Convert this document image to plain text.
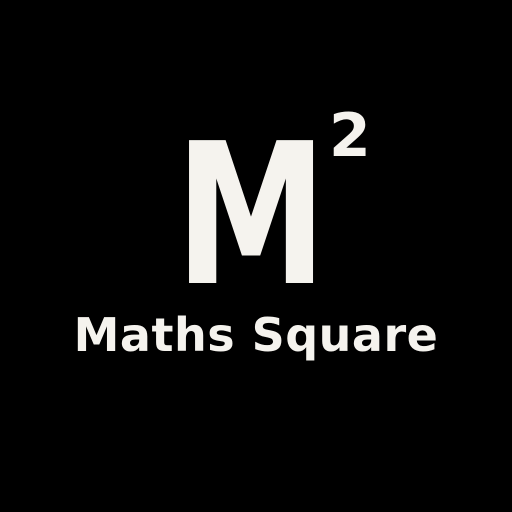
M 2
Maths Square
